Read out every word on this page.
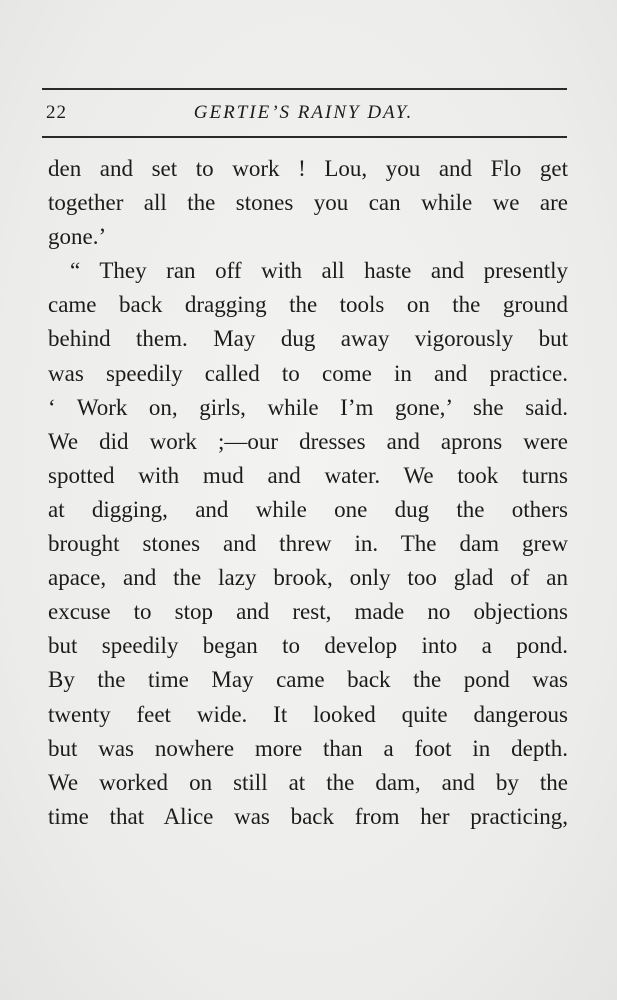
22	GERTIE’S RAINY DAY.
den and set to work ! Lou, you and Flo get
together all the stones you can while we are
gone.’
“ They ran off with all haste and presently
came back dragging the tools on the ground
behind them. May dug away vigorously but
was speedily called to come in and practice.
‘ Work on, girls, while I’m gone,’ she said.
We did work ;—our dresses and aprons were
spotted with mud and water. We took turns
at digging, and while one dug the others
brought stones and threw in. The dam grew
apace, and the lazy brook, only too glad of an
excuse to stop and rest, made no objections
but speedily began to develop into a pond.
By the time May came back the pond was
twenty feet wide. It looked quite dangerous
but was nowhere more than a foot in depth.
We worked on still at the dam, and by the
time that Alice was back from her practicing,
